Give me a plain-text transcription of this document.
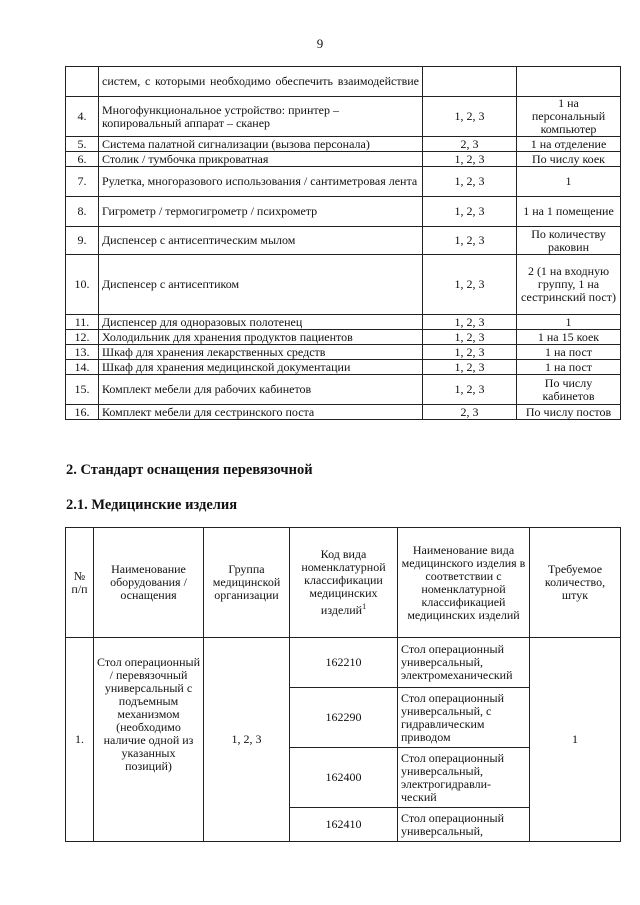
9
	систем, с которыми необходимо обеспечить взаимодействие		
4.	Многофункциональное устройство: принтер – копировальный аппарат – сканер	1, 2, 3	1 на персональный компьютер
5.	Система палатной сигнализации (вызова персонала)	2, 3	1 на отделение
6.	Столик / тумбочка прикроватная	1, 2, 3	По числу коек
7.	Рулетка, многоразового использования / сантиметровая лента	1, 2, 3	1
8.	Гигрометр / термогигрометр / психрометр	1, 2, 3	1 на 1 помещение
9.	Диспенсер с антисептическим мылом	1, 2, 3	По количеству раковин
10.	Диспенсер с антисептиком	1, 2, 3	2 (1 на входную группу, 1 на сестринский пост)
11.	Диспенсер для одноразовых полотенец	1, 2, 3	1
12.	Холодильник для хранения продуктов пациентов	1, 2, 3	1 на 15 коек
13.	Шкаф для хранения лекарственных средств	1, 2, 3	1 на пост
14.	Шкаф для хранения медицинской документации	1, 2, 3	1 на пост
15.	Комплект мебели для рабочих кабинетов	1, 2, 3	По числу кабинетов
16.	Комплект мебели для сестринского поста	2, 3	По числу постов
2. Стандарт оснащения перевязочной
2.1. Медицинские изделия
№ п/п	Наименование оборудования / оснащения	Группа медицинской организации	Код вида номенклатурной классификации медицинских изделий$^1$	Наименование вида медицинского изделия в соответствии с номенклатурной классификацией медицинских изделий	Требуемое количество, штук
1.	Стол операционный / перевязочный универсальный с подъемным механизмом (необходимо наличие одной из указанных позиций)	1, 2, 3	162210	Стол операционный универсальный, электромеханический	1
			162290	Стол операционный универсальный, с гидравлическим приводом	
			162400	Стол операционный универсальный, электрогидравли-ческий	
			162410	Стол операционный универсальный,	
